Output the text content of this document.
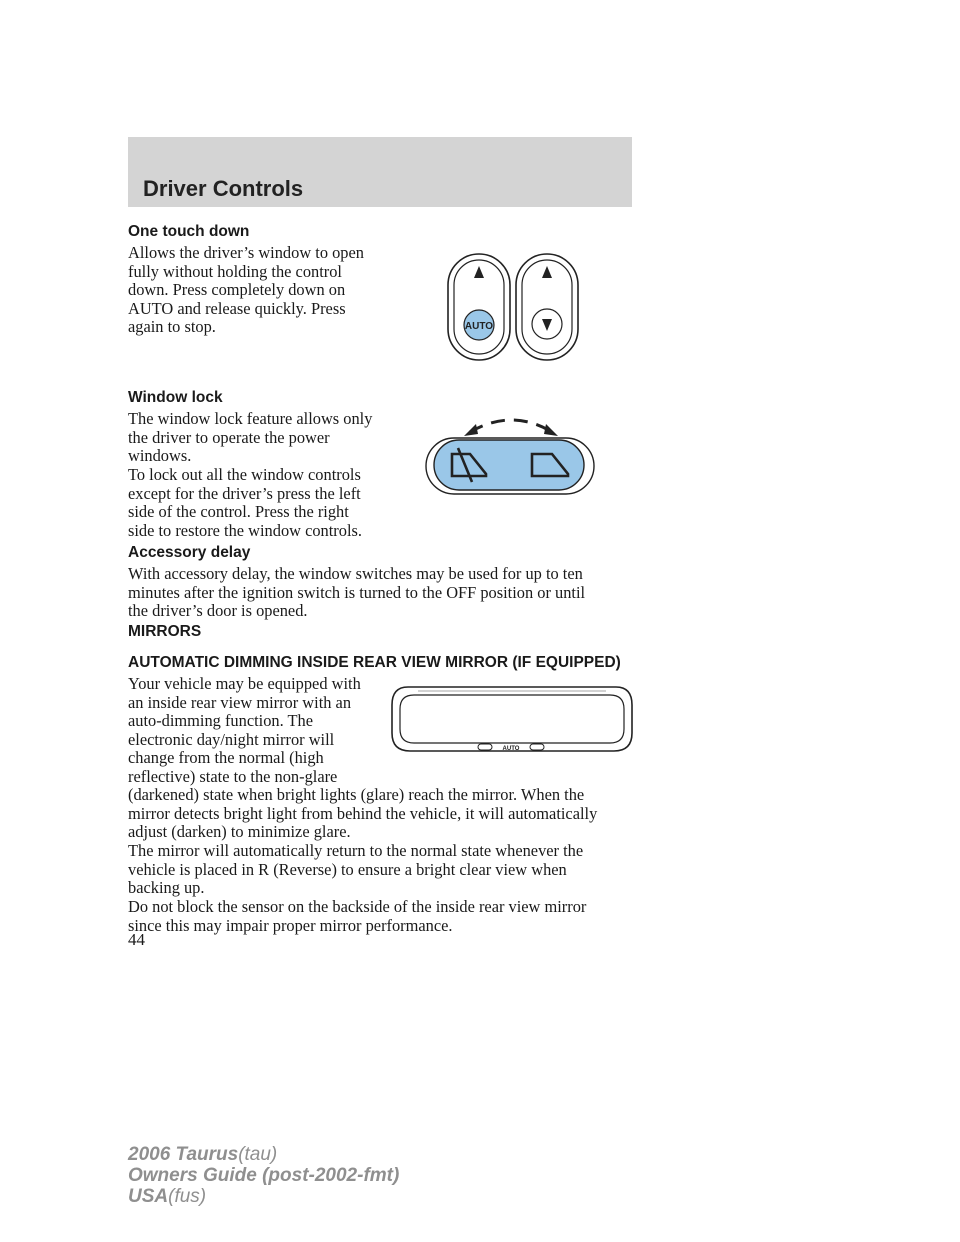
Driver Controls
One touch down
Allows the driver’s window to open
fully without holding the control
down. Press completely down on
AUTO and release quickly. Press
again to stop.	AUTO
Window lock
The window lock feature allows only
the driver to operate the power
windows.
To lock out all the window controls
except for the driver’s press the left
side of the control. Press the right
side to restore the window controls.
Accessory delay
With accessory delay, the window switches may be used for up to ten
minutes after the ignition switch is turned to the OFF position or until
the driver’s door is opened.
MIRRORS
AUTOMATIC DIMMING INSIDE REAR VIEW MIRROR (IF EQUIPPED)
Your vehicle may be equipped with
an inside rear view mirror with an
auto-dimming function. The
electronic day/night mirror will
change from the normal (high
reflective) state to the non-glare
(darkened) state when bright lights (glare) reach the mirror. When the
mirror detects bright light from behind the vehicle, it will automatically
adjust (darken) to minimize glare.
AUTO
The mirror will automatically return to the normal state whenever the
vehicle is placed in R (Reverse) to ensure a bright clear view when
backing up.
Do not block the sensor on the backside of the inside rear view mirror
since this may impair proper mirror performance.
44
2006 Taurus(tau)
Owners Guide (post-2002-fmt)
USA(fus)
